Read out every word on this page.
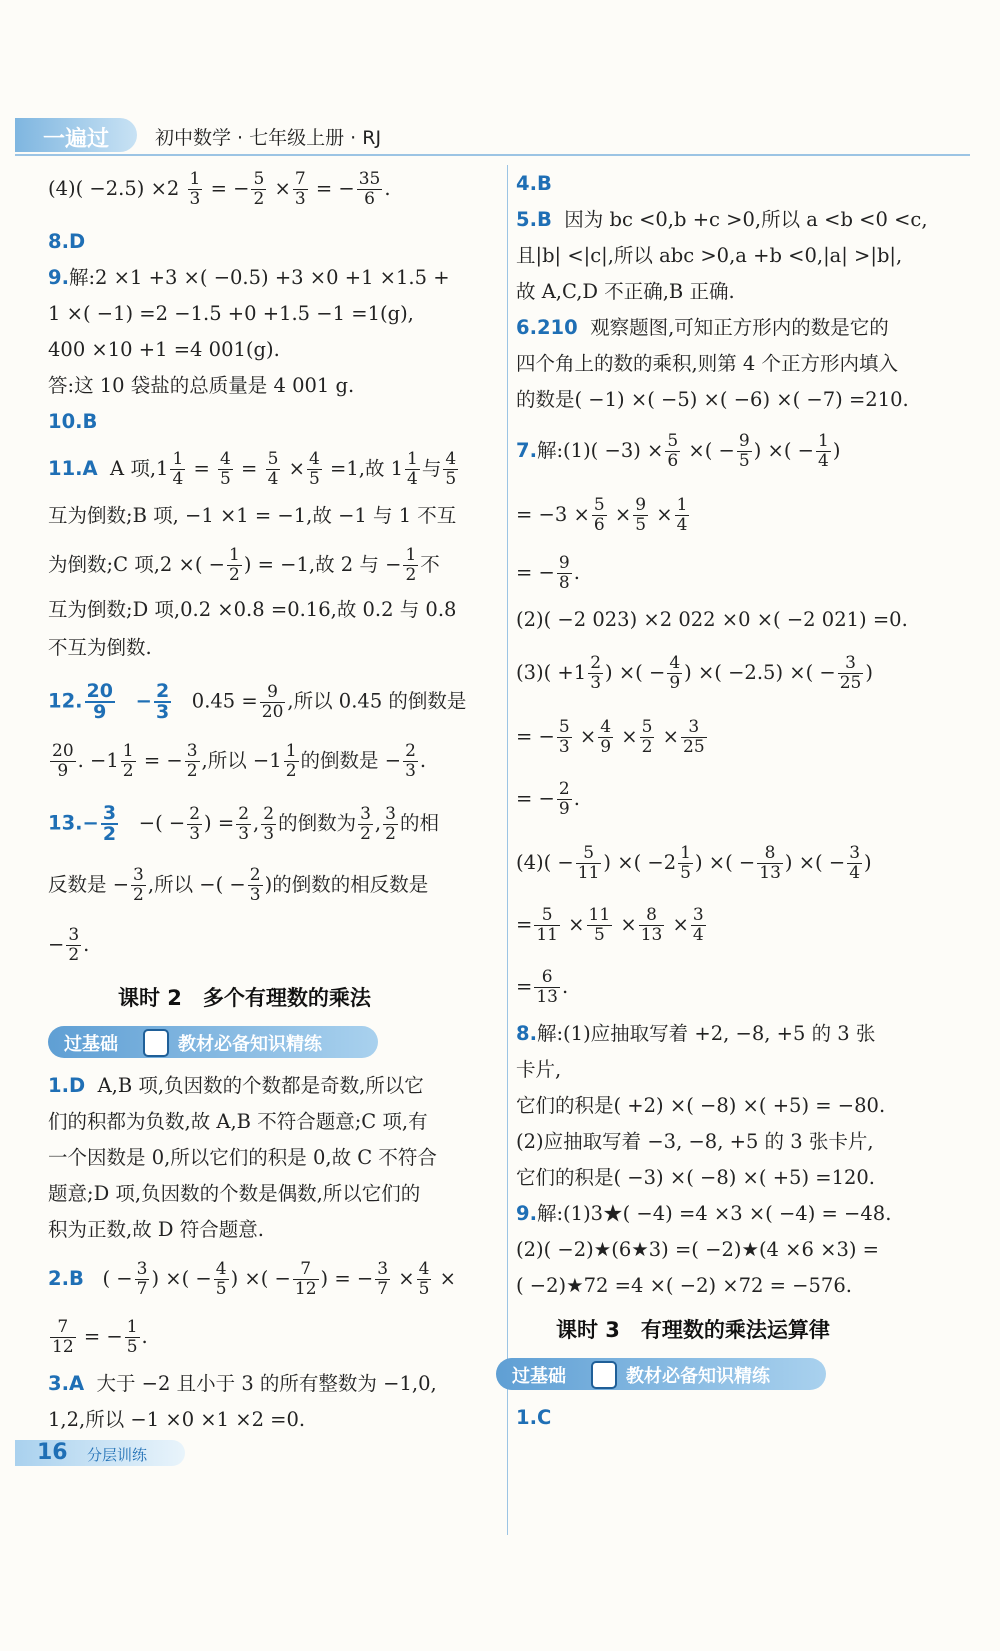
一遍过 初中数学 · 七年级上册 · RJ
$(4)( -2.5) \times 2 \frac{1}{3}$ = − $\frac{5}{2} \times \frac{7}{3}$ = − $\frac{35}{6}$ .
8.D
9.解:2 ×1 +3 ×( −0.5) +3 ×0 +1 ×1.5 +
1 ×( −1) =2 −1.5 +0 +1.5 −1 =1(g),
400 ×10 +1 =4 001(g).
答:这 10 袋盐的总质量是 4 001 g.
10.B
11.A A 项$,1 \frac{1}{4} = \frac{4}{5} = \frac{5}{4} \times \frac{4}{5} =1$,故 $1 \frac{1}{4}$ 与 $\frac{4}{5}$
互为倒数;B 项, −1 ×1 = −1,故 −1 与 1 不互
为倒数;C 项,2 ×( − $\frac{1}{2}$ ) = −1,故 2 与 − $\frac{1}{2}$ 不
互为倒数;D 项,0.2 ×0.8 =0.16,故 0.2 与 0.8
不互为倒数.
12. $\frac{20}{9} - \frac{2}{3} 0.45 = \frac{9}{20}$ ,所以 0.45 的倒数是
$\frac{20}{9}$ . $-1 \frac{1}{2}$ = − $\frac{3}{2}$ ,所以 $-1 \frac{1}{2}$ 的倒数是 − $\frac{2}{3}$ .
$13.- \frac{3}{2}$ −( − $\frac{2}{3}$ ) = $\frac{2}{3}$ , $\frac{2}{3}$ 的倒数为 $\frac{3}{2}$ , $\frac{3}{2}$ 的相
反数是 − $\frac{3}{2}$ ,所以 −( − $\frac{2}{3}$ )的倒数的相反数是
− $\frac{3}{2}$ .
课时 2　多个有理数的乘法
过基础	教材必备知识精练
1.D A,B 项,负因数的个数都是奇数,所以它
们的积都为负数,故 A,B 不符合题意;C 项,有
一个因数是 0,所以它们的积是 0,故 C 不符合
题意;D 项,负因数的个数是偶数,所以它们的
积为正数,故 D 符合题意.
2.B ( − $\frac{3}{7}$ ) ×( − $\frac{4}{5}$ ) ×( − $\frac{7}{12}$ ) = − $\frac{3}{7} \times \frac{4}{5}$ ×
$\frac{7}{12}$ = − $\frac{1}{5}$ .
3.A 大于 −2 且小于 3 的所有整数为 −1,0,
1,2,所以 −1 ×0 ×1 ×2 =0.
4.B
5.B 因为 bc <0,b +c >0,所以 a <b <0 <c,
且|b| <|c|,所以 abc >0,a +b <0,|a| >|b|,
故 A,C,D 不正确,B 正确.
6.210 观察题图,可知正方形内的数是它的
四个角上的数的乘积,则第 4 个正方形内填入
的数是( −1) ×( −5) ×( −6) ×( −7) =210.
7.解:(1)( $-3) \times \frac{5}{6}$ ×( − $\frac{9}{5}$ ) ×( − $\frac{1}{4}$ )
= $-3 \times \frac{5}{6} \times \frac{9}{5} \times \frac{1}{4}$
= − $\frac{9}{8}$ .
(2)( −2 023) ×2 022 ×0 ×( −2 021) =0.
$(3)( +1 \frac{2}{3}$ ) ×( − $\frac{4}{9}$ ) ×( −2.5) ×( − $\frac{3}{25}$ )
= − $\frac{5}{3} \times \frac{4}{9} \times \frac{5}{2} \times \frac{3}{25}$
= − $\frac{2}{9}$ .
$(4)( - \frac{5}{11}$ ) ×( $-2 \frac{1}{5}$ ) ×( − $\frac{8}{13}$ ) ×( − $\frac{3}{4}$ )
= $\frac{5}{11} \times \frac{11}{5} \times \frac{8}{13} \times \frac{3}{4}$
= $\frac{6}{13}$ .
8.解:(1)应抽取写着 +2, −8, +5 的 3 张
卡片,
它们的积是( +2) ×( −8) ×( +5) = −80.
(2)应抽取写着 −3, −8, +5 的 3 张卡片,
它们的积是( −3) ×( −8) ×( +5) =120.
9.解:(1)3★( −4) =4 ×3 ×( −4) = −48.
(2)( −2)★(6★3) =( −2)★(4 ×6 ×3) =
( −2)★72 =4 ×( −2) ×72 = −576.
课时 3　有理数的乘法运算律
过基础	教材必备知识精练
1.C
16 分层训练
